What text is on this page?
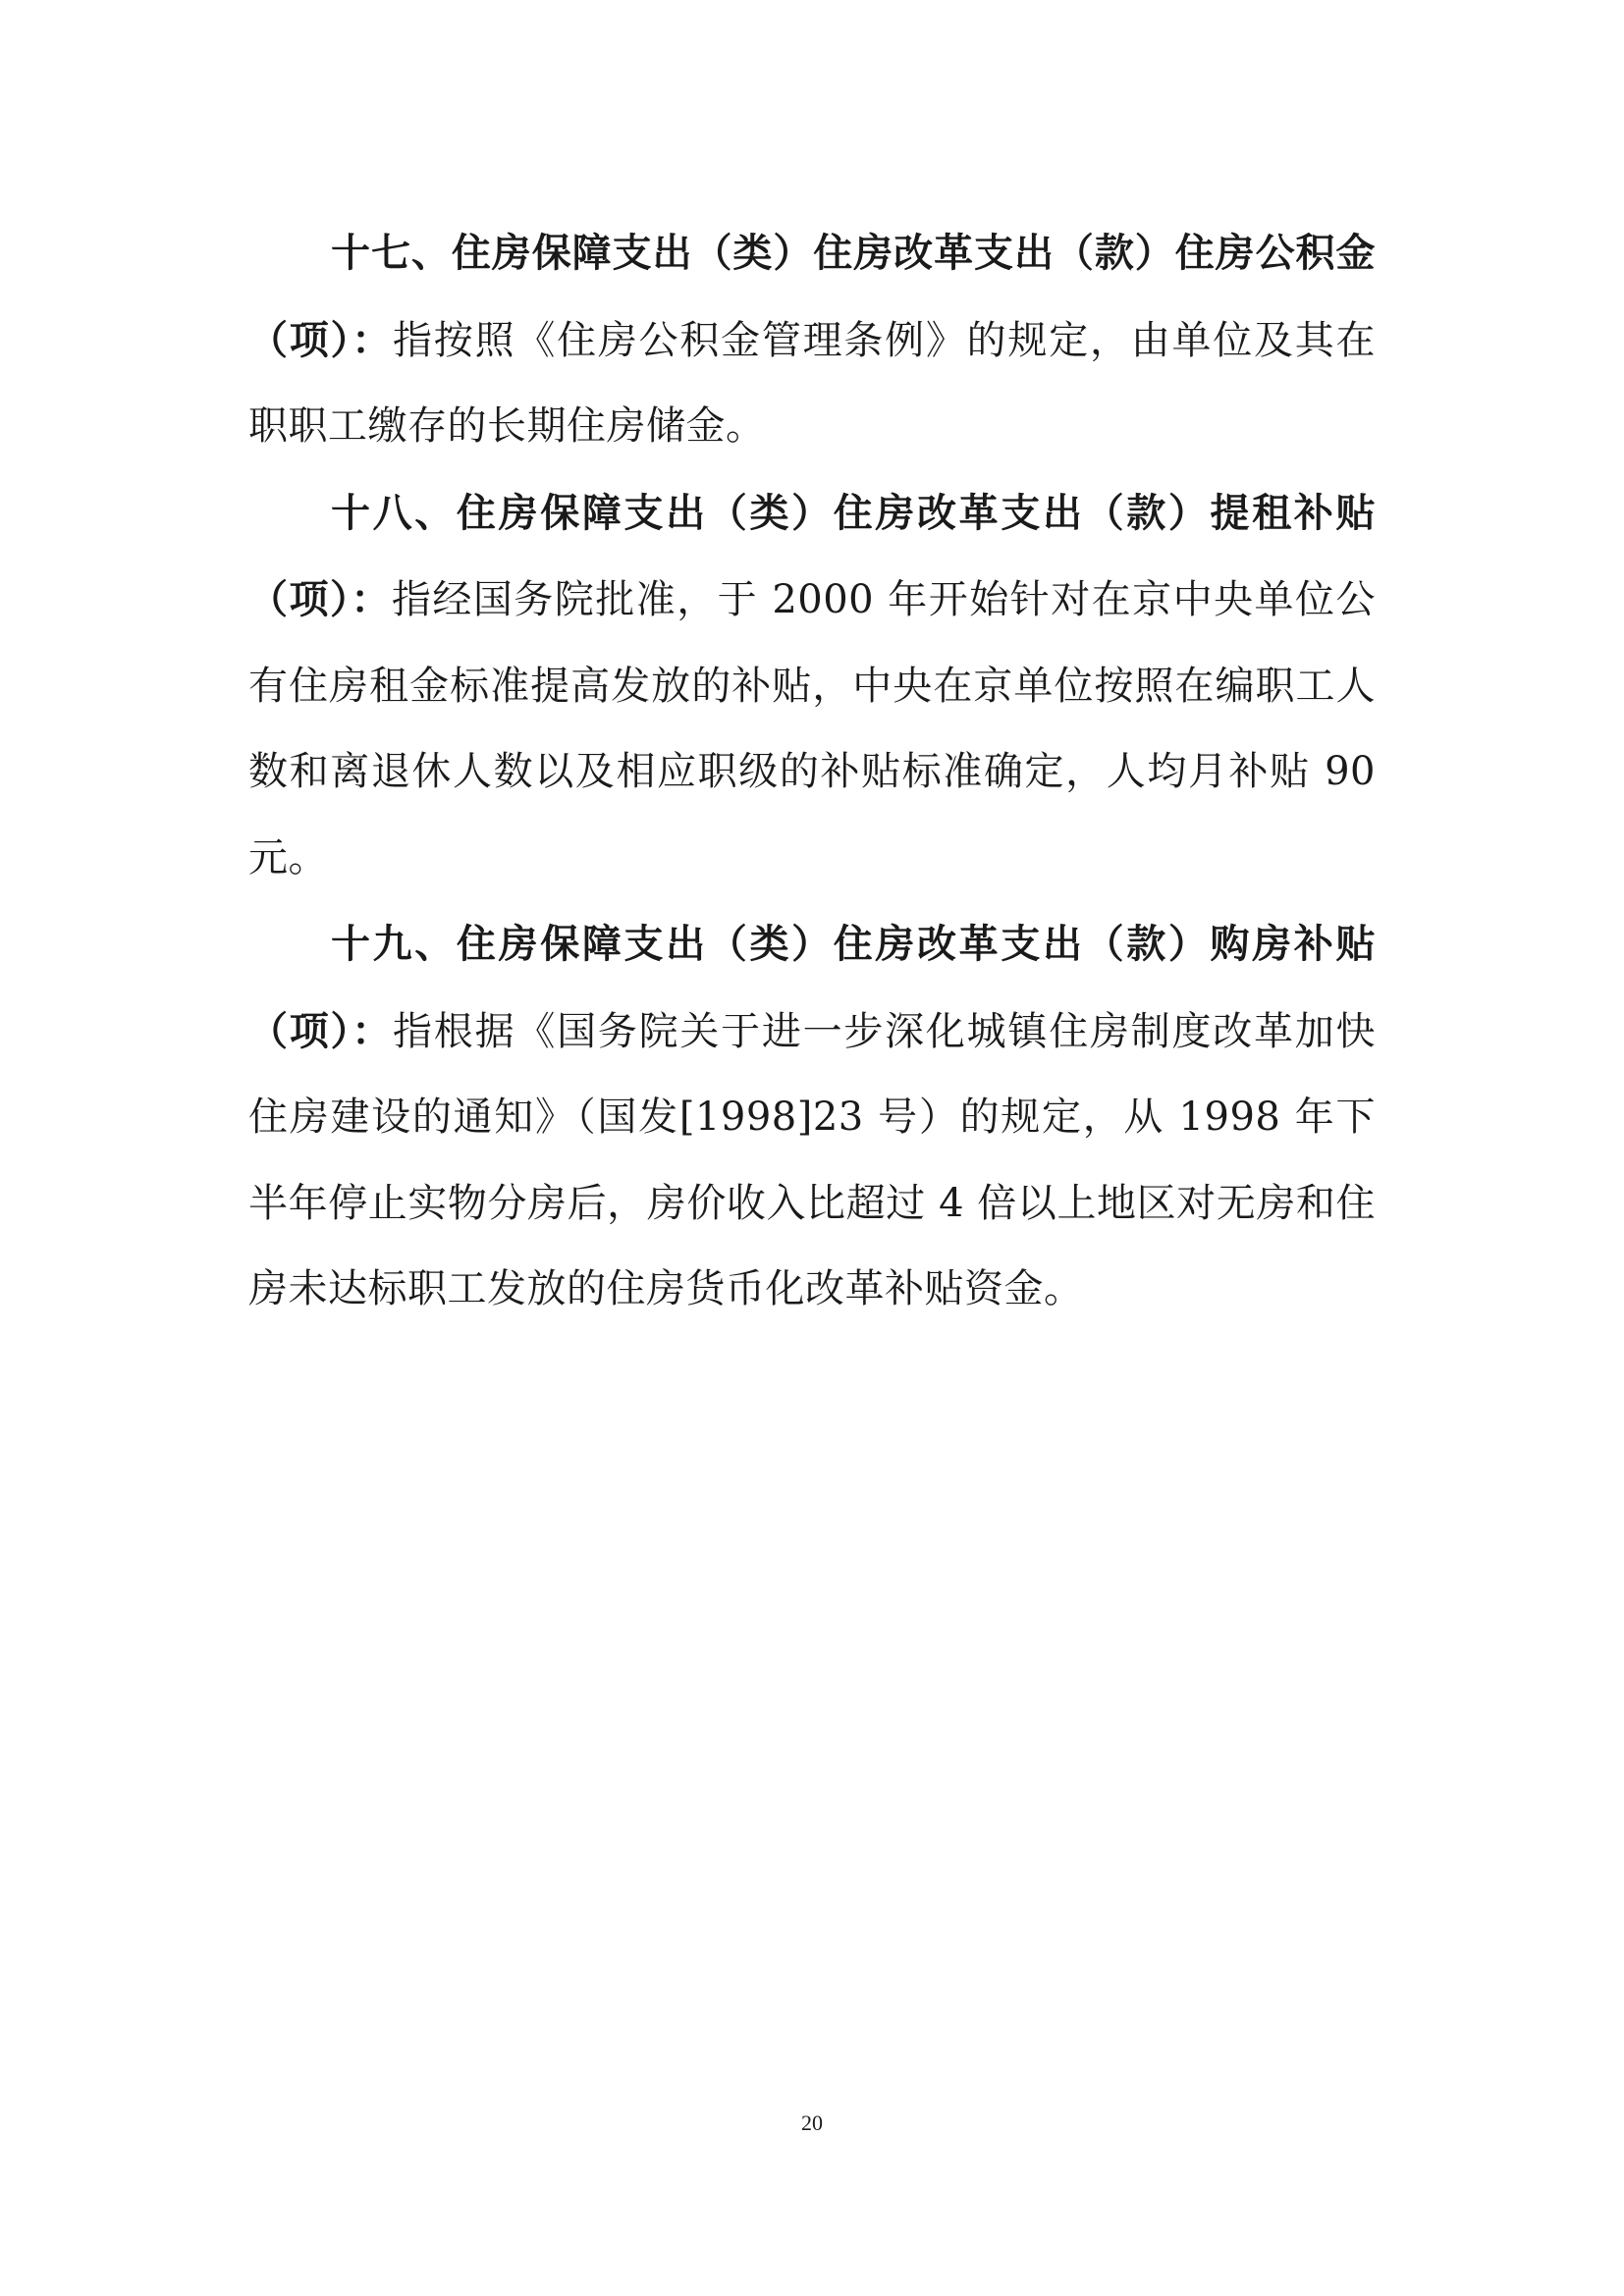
十七、住房保障支出（类）住房改革支出（款）住房公积金（项）：指按照《住房公积金管理条例》的规定，由单位及其在职职工缴存的长期住房储金。

十八、住房保障支出（类）住房改革支出（款）提租补贴（项）：指经国务院批准，于 2000 年开始针对在京中央单位公有住房租金标准提高发放的补贴，中央在京单位按照在编职工人数和离退休人数以及相应职级的补贴标准确定，人均月补贴 90 元。

十九、住房保障支出（类）住房改革支出（款）购房补贴（项）：指根据《国务院关于进一步深化城镇住房制度改革加快住房建设的通知》（国发[1998]23 号）的规定，从 1998 年下半年停止实物分房后，房价收入比超过 4 倍以上地区对无房和住房未达标职工发放的住房货币化改革补贴资金。

20
